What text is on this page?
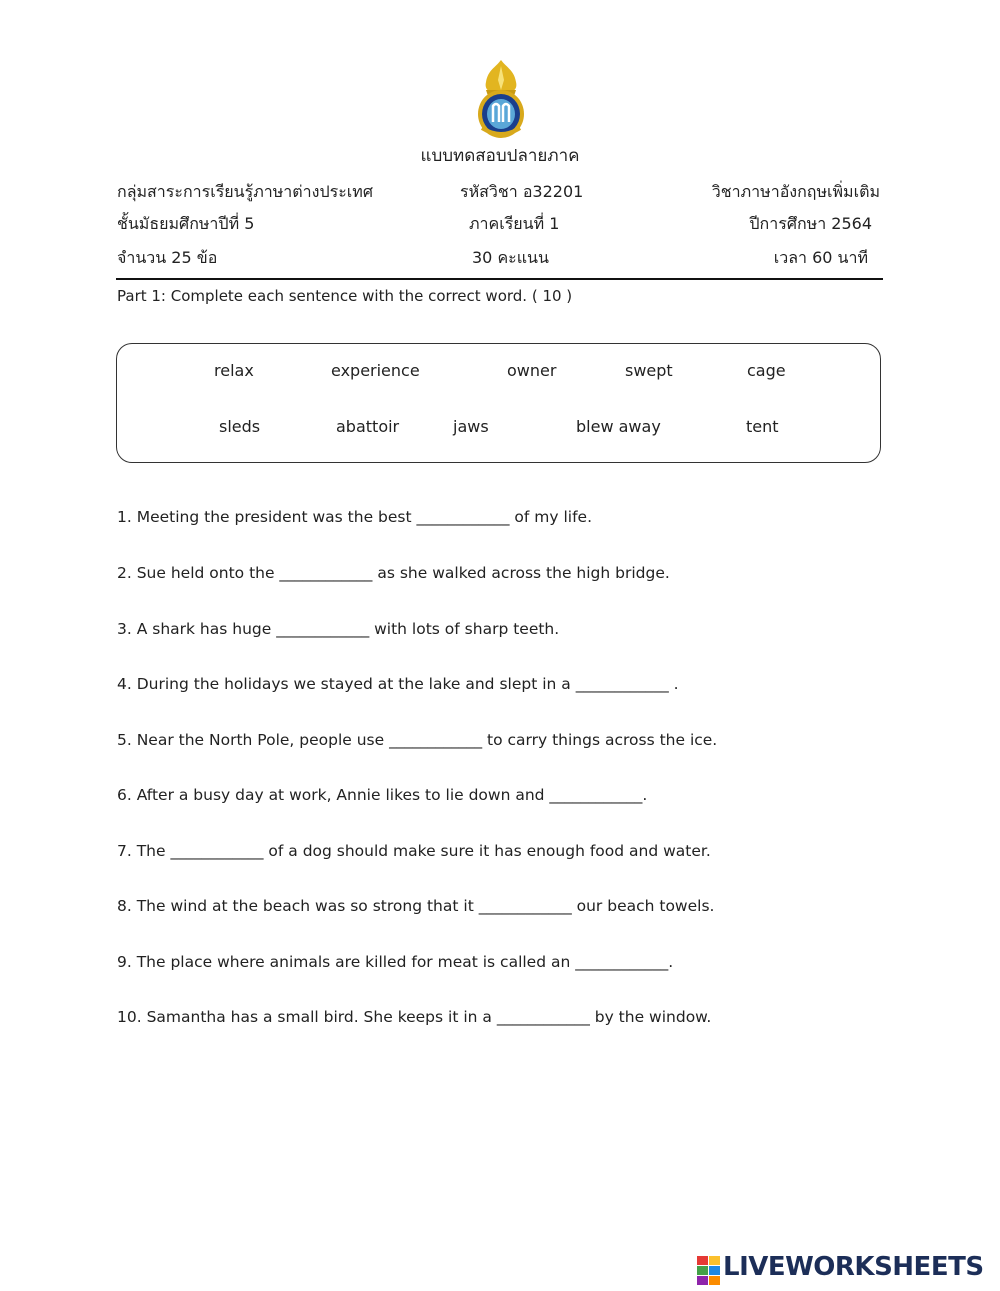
แบบทดสอบปลายภาค
กลุ่มสาระการเรียนรู้ภาษาต่างประเทศ	รหัสวิชา อ32201	วิชาภาษาอังกฤษเพิ่มเติม
ชั้นมัธยมศึกษาปีที่ 5	ภาคเรียนที่ 1	ปีการศึกษา 2564
จำนวน 25 ข้อ	30 คะแนน	เวลา 60 นาที
Part 1: Complete each sentence with the correct word. ( 10 )
relax	experience	owner	swept	cage
sleds	abattoir	jaws	blew away	tent
1. Meeting the president was the best ____________ of my life.
2. Sue held onto the ____________ as she walked across the high bridge.
3. A shark has huge ____________ with lots of sharp teeth.
4. During the holidays we stayed at the lake and slept in a ____________ .
5. Near the North Pole, people use ____________ to carry things across the ice.
6. After a busy day at work, Annie likes to lie down and ____________.
7. The ____________ of a dog should make sure it has enough food and water.
8. The wind at the beach was so strong that it ____________ our beach towels.
9. The place where animals are killed for meat is called an ____________.
10. Samantha has a small bird. She keeps it in a ____________ by the window.
LIVEWORKSHEETS
